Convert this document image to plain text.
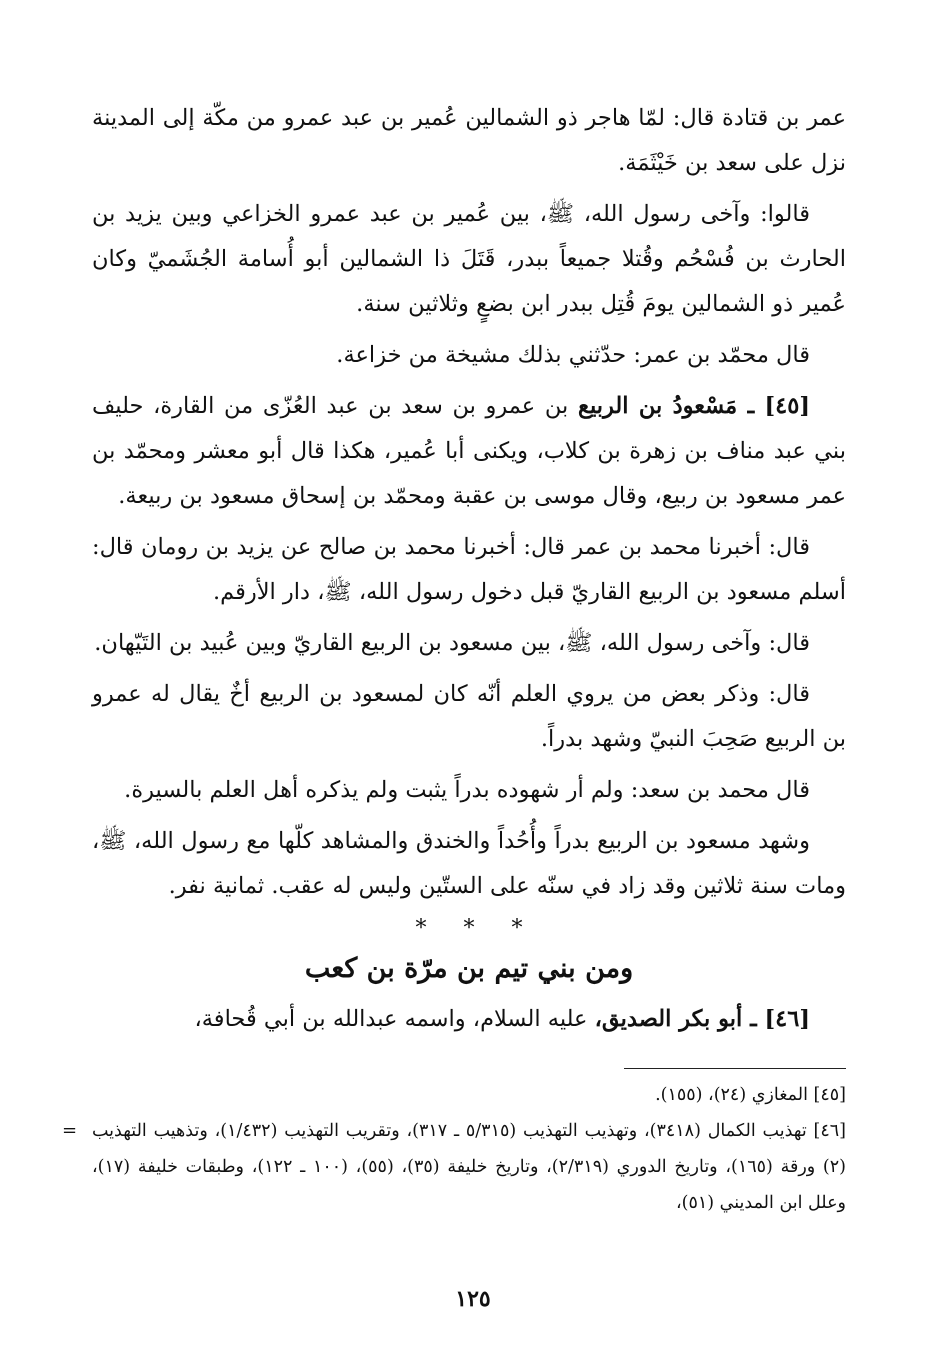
عمر بن قتادة قال: لمّا هاجر ذو الشمالين عُمير بن عبد عمرو من مكّة إلى المدينة نزل على سعد بن خَيْثَمَة.

قالوا: وآخى رسول الله، ﷺ، بين عُمير بن عبد عمرو الخزاعي وبين يزيد بن الحارث بن فُسْحُم وقُتلا جميعاً ببدر، قَتَلَ ذا الشمالين أبو أُسامة الجُشَميّ وكان عُمير ذو الشمالين يومَ قُتِل ببدر ابن بضعٍ وثلاثين سنة.

قال محمّد بن عمر: حدّثني بذلك مشيخة من خزاعة.

[٤٥] ـ مَسْعودُ بن الربيع بن عمرو بن سعد بن عبد العُزّى من القارة، حليف بني عبد مناف بن زهرة بن كلاب، ويكنى أبا عُمير، هكذا قال أبو معشر ومحمّد بن عمر مسعود بن ربيع، وقال موسى بن عقبة ومحمّد بن إسحاق مسعود بن ربيعة.

قال: أخبرنا محمد بن عمر قال: أخبرنا محمد بن صالح عن يزيد بن رومان قال: أسلم مسعود بن الربيع القاريّ قبل دخول رسول الله، ﷺ، دار الأرقم.

قال: وآخى رسول الله، ﷺ، بين مسعود بن الربيع القاريّ وبين عُبيد بن التَيّهان.

قال: وذكر بعض من يروي العلم أنّه كان لمسعود بن الربيع أخٌ يقال له عمرو بن الربيع صَحِبَ النبيّ وشهد بدراً.

قال محمد بن سعد: ولم أر شهوده بدراً يثبت ولم يذكره أهل العلم بالسيرة.

وشهد مسعود بن الربيع بدراً وأُحُداً والخندق والمشاهد كلّها مع رسول الله، ﷺ، ومات سنة ثلاثين وقد زاد في سنّه على الستّين وليس له عقب. ثمانية نفر.

* * *
ومن بني تيم بن مرّة بن كعب

[٤٦] ـ أبو بكر الصديق، عليه السلام، واسمه عبدالله بن أبي قُحافة،

[٤٥] المغازي (٢٤)، (١٥٥).

[٤٦] تهذيب الكمال (٣٤١٨)، وتهذيب التهذيب (٥/٣١٥ ـ ٣١٧)، وتقريب التهذيب (١/٤٣٢)، وتذهيب التهذيب (٢) ورقة (١٦٥)، وتاريخ الدوري (٢/٣١٩)، وتاريخ خليفة (٣٥)، (٥٥)، (١٠٠ ـ ١٢٢)، وطبقات خليفة (١٧)، وعلل ابن المديني (٥١)،
=

١٢٥
